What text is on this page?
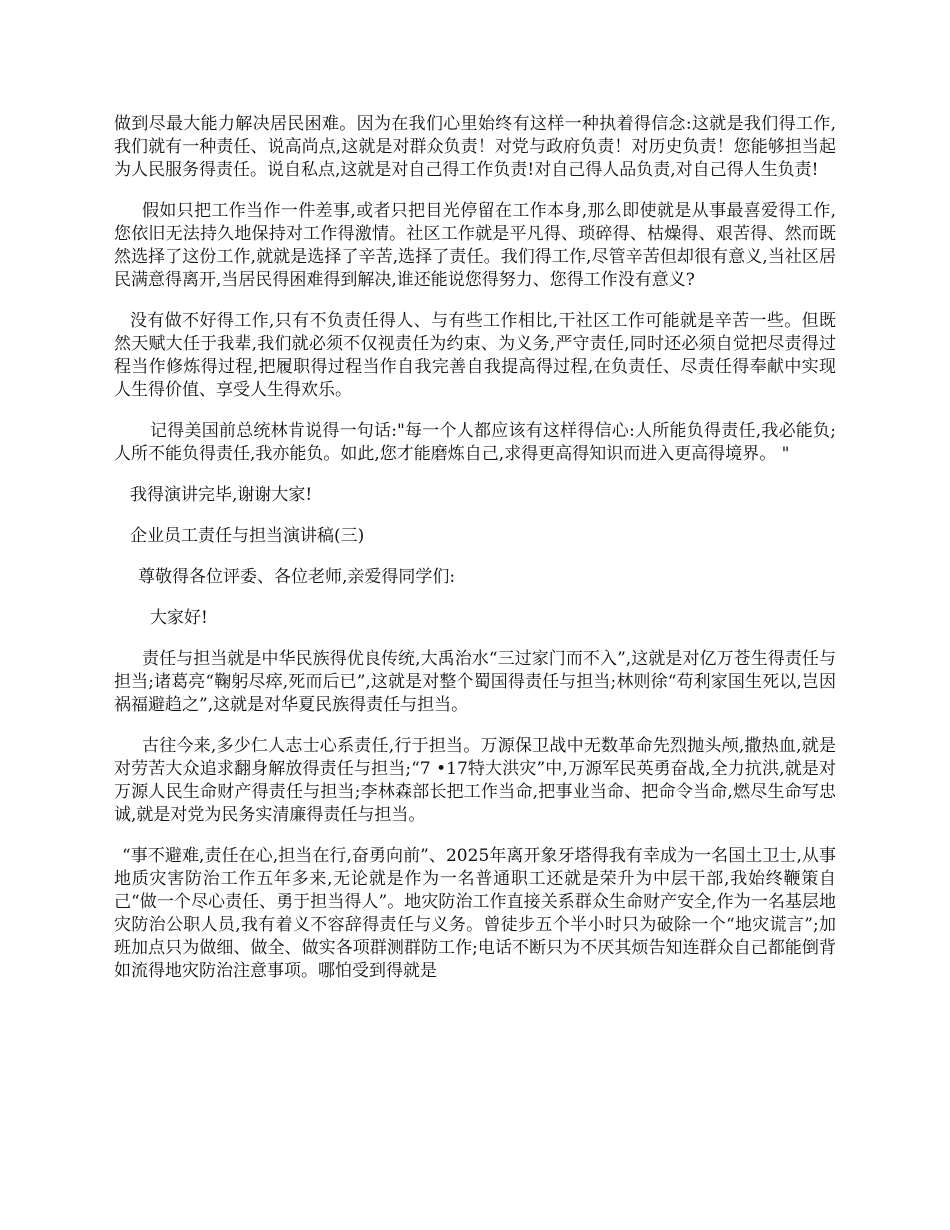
做到尽最大能力解决居民困难。因为在我们心里始终有这样一种执着得信念:这就是我们得工作,我们就有一种责任、说高尚点,这就是对群众负责！对党与政府负责！对历史负责！您能够担当起为人民服务得责任。说自私点,这就是对自己得工作负责!对自己得人品负责,对自己得人生负责!

假如只把工作当作一件差事,或者只把目光停留在工作本身,那么即使就是从事最喜爱得工作,您依旧无法持久地保持对工作得激情。社区工作就是平凡得、琐碎得、枯燥得、艰苦得、然而既然选择了这份工作,就就是选择了辛苦,选择了责任。我们得工作,尽管辛苦但却很有意义,当社区居民满意得离开,当居民得困难得到解决,谁还能说您得努力、您得工作没有意义?

没有做不好得工作,只有不负责任得人、与有些工作相比,干社区工作可能就是辛苦一些。但既然天赋大任于我辈,我们就必须不仅视责任为约束、为义务,严守责任,同时还必须自觉把尽责得过程当作修炼得过程,把履职得过程当作自我完善自我提高得过程,在负责任、尽责任得奉献中实现人生得价值、享受人生得欢乐。

记得美国前总统林肯说得一句话:"每一个人都应该有这样得信心:人所能负得责任,我必能负;人所不能负得责任,我亦能负。如此,您才能磨炼自己,求得更高得知识而进入更高得境界。 "

我得演讲完毕,谢谢大家!

企业员工责任与担当演讲稿(三)

尊敬得各位评委、各位老师,亲爱得同学们:

大家好!

责任与担当就是中华民族得优良传统,大禹治水“三过家门而不入”,这就是对亿万苍生得责任与担当;诸葛亮“鞠躬尽瘁,死而后已”,这就是对整个蜀国得责任与担当;林则徐“苟利家国生死以,岂因祸福避趋之”,这就是对华夏民族得责任与担当。

古往今来,多少仁人志士心系责任,行于担当。万源保卫战中无数革命先烈抛头颅,撒热血,就是对劳苦大众追求翻身解放得责任与担当;“7 •17特大洪灾”中,万源军民英勇奋战,全力抗洪,就是对万源人民生命财产得责任与担当;李林森部长把工作当命,把事业当命、把命令当命,燃尽生命写忠诚,就是对党为民务实清廉得责任与担当。

“事不避难,责任在心,担当在行,奋勇向前”、2025年离开象牙塔得我有幸成为一名国土卫士,从事地质灾害防治工作五年多来,无论就是作为一名普通职工还就是荣升为中层干部,我始终鞭策自己“做一个尽心责任、勇于担当得人”。地灾防治工作直接关系群众生命财产安全,作为一名基层地灾防治公职人员,我有着义不容辞得责任与义务。曾徒步五个半小时只为破除一个“地灾谎言”;加班加点只为做细、做全、做实各项群测群防工作;电话不断只为不厌其烦告知连群众自己都能倒背如流得地灾防治注意事项。哪怕受到得就是
